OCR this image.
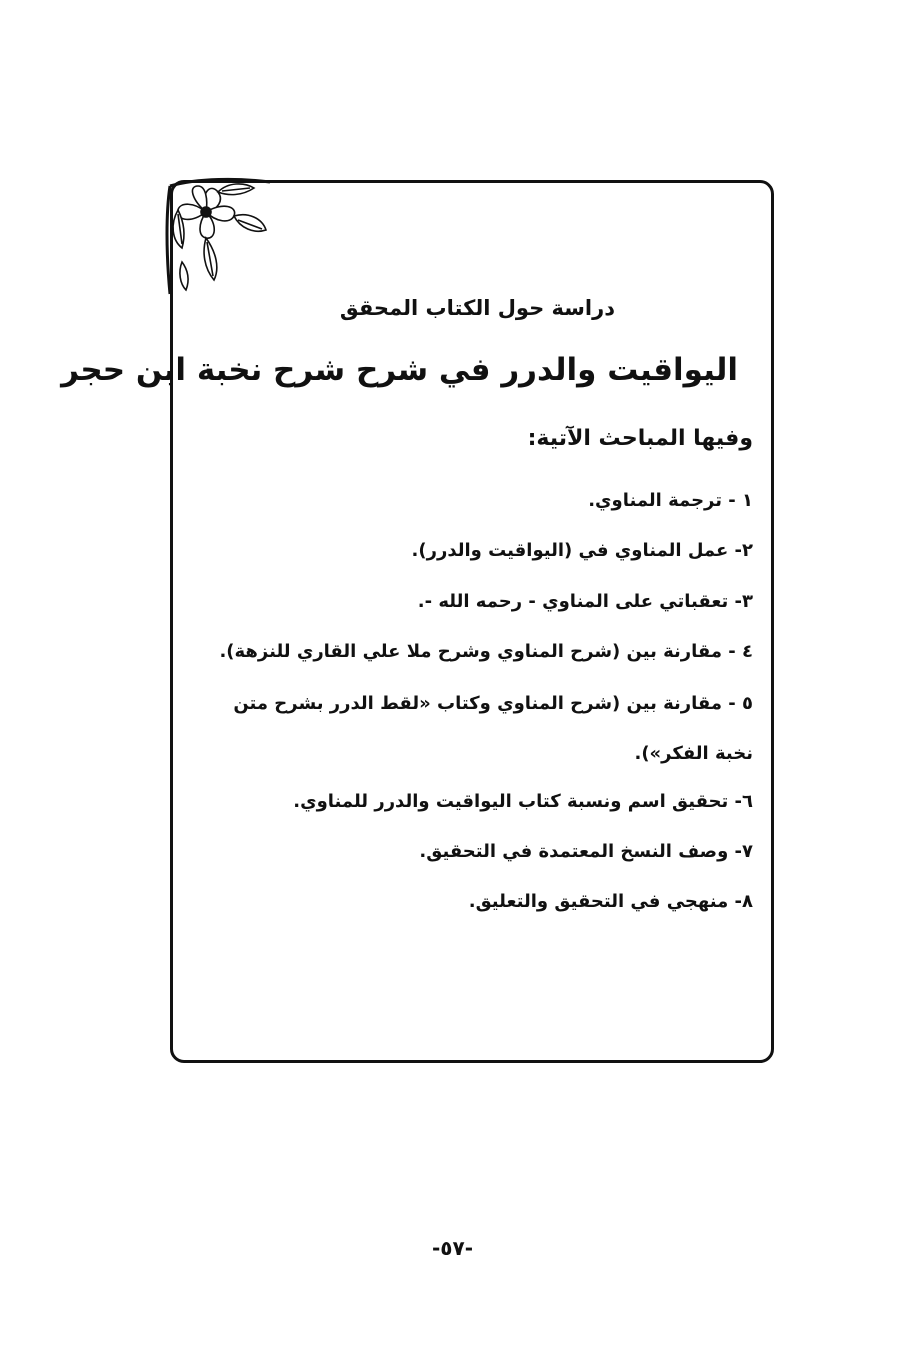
دراسة حول الكتاب المحقق
اليواقيت والدرر في شرح شرح نخبة ابن حجر
وفيها المباحث الآتية:
١ - ترجمة المناوي.
٢- عمل المناوي في (اليواقيت والدرر).
٣- تعقباتي على المناوي - رحمه الله -.
٤ - مقارنة بين (شرح المناوي وشرح ملا علي القاري للنزهة).
٥ - مقارنة بين (شرح المناوي وكتاب «لقط الدرر بشرح متن نخبة الفكر»).
٦- تحقيق اسم ونسبة كتاب اليواقيت والدرر للمناوي.
٧- وصف النسخ المعتمدة في التحقيق.
٨- منهجي في التحقيق والتعليق.
-٥٧-
